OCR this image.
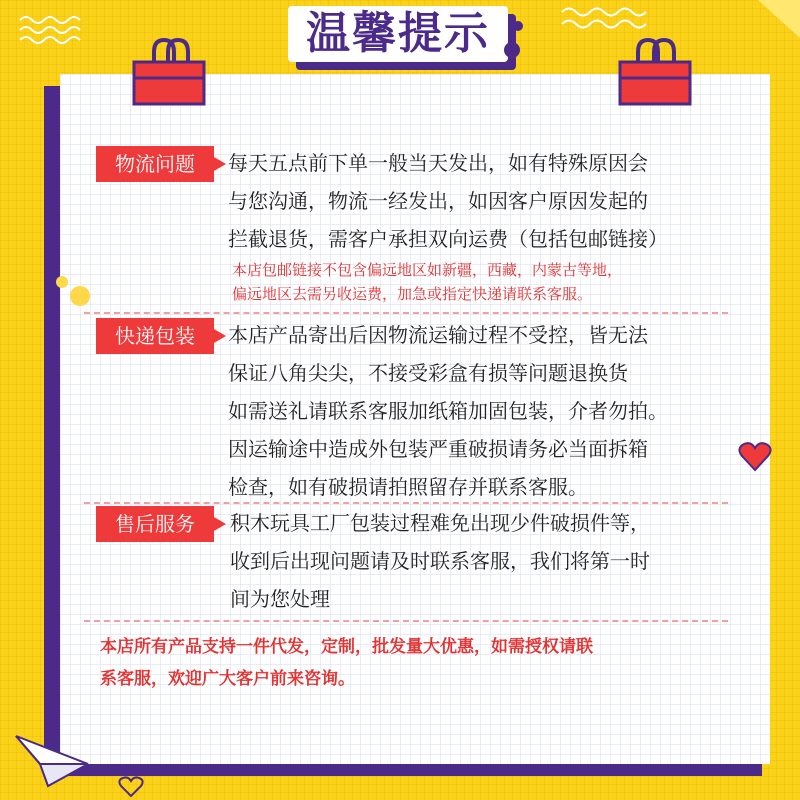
温馨提示
物流问题	每天五点前下单一般当天发出，如有特殊原因会
与您沟通，物流一经发出，如因客户原因发起的
拦截退货，需客户承担双向运费（包括包邮链接）
本店包邮链接不包含偏远地区如新疆，西藏，内蒙古等地，
偏远地区去需另收运费，加急或指定快递请联系客服。
快递包装	本店产品寄出后因物流运输过程不受控，皆无法
保证八角尖尖，不接受彩盒有损等问题退换货
如需送礼请联系客服加纸箱加固包装，介者勿拍。
因运输途中造成外包装严重破损请务必当面拆箱
检查，如有破损请拍照留存并联系客服。
售后服务	积木玩具工厂包装过程难免出现少件破损件等，
收到后出现问题请及时联系客服，我们将第一时
间为您处理
本店所有产品支持一件代发，定制，批发量大优惠，如需授权请联
系客服，欢迎广大客户前来咨询。
